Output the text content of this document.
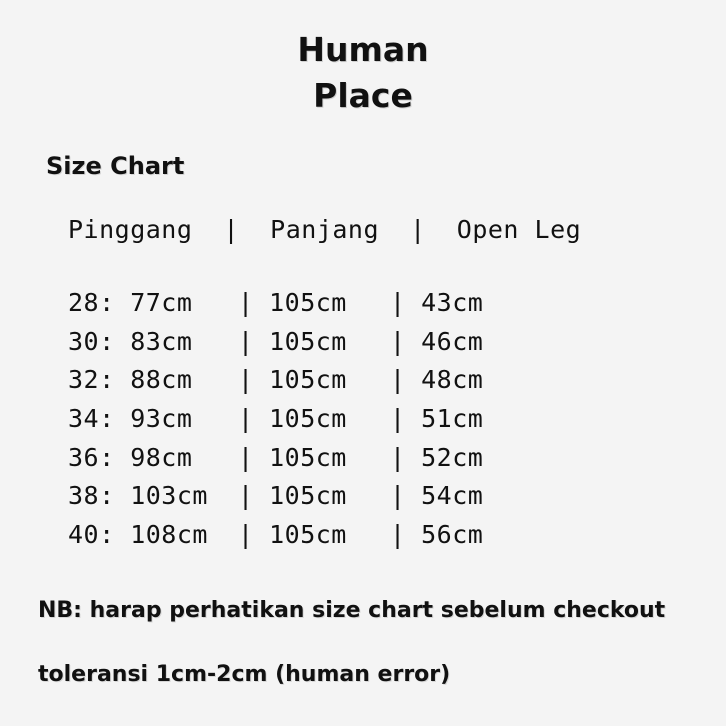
Human
Place
Size Chart
Pinggang  |  Panjang  |  Open Leg
28: 77cm | 105cm | 43cm
30: 83cm | 105cm | 46cm
32: 88cm | 105cm | 48cm
34: 93cm | 105cm | 51cm
36: 98cm | 105cm | 52cm
38: 103cm | 105cm | 54cm
40: 108cm | 105cm | 56cm
NB: harap perhatikan size chart sebelum checkout
toleransi 1cm-2cm (human error)
